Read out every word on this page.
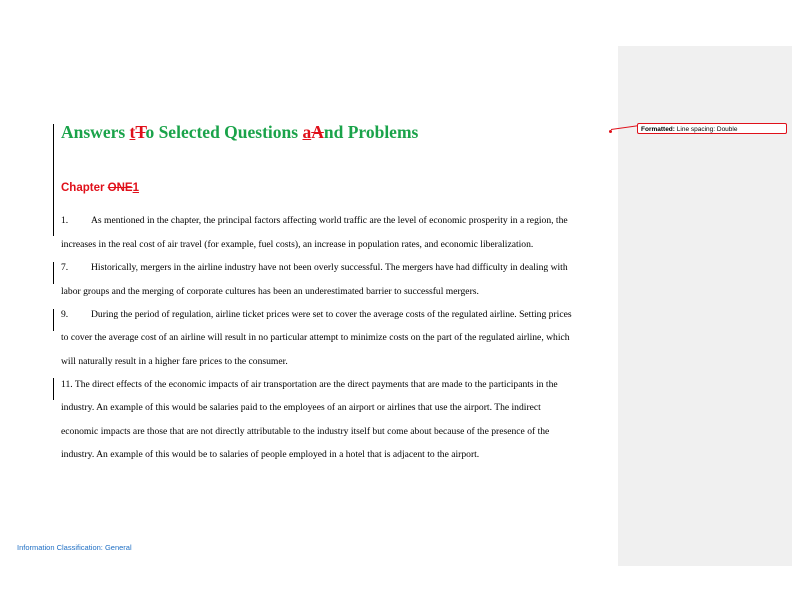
Answers tTo Selected Questions aAnd Problems
Chapter ONE1
1. As mentioned in the chapter, the principal factors affecting world traffic are the level of economic prosperity in a region, the
increases in the real cost of air travel (for example, fuel costs), an increase in population rates, and economic liberalization.
7. Historically, mergers in the airline industry have not been overly successful. The mergers have had difficulty in dealing with
labor groups and the merging of corporate cultures has been an underestimated barrier to successful mergers.
9. During the period of regulation, airline ticket prices were set to cover the average costs of the regulated airline. Setting prices
to cover the average cost of an airline will result in no particular attempt to minimize costs on the part of the regulated airline, which
will naturally result in a higher fare prices to the consumer.
11. The direct effects of the economic impacts of air transportation are the direct payments that are made to the participants in the
industry. An example of this would be salaries paid to the employees of an airport or airlines that use the airport. The indirect
economic impacts are those that are not directly attributable to the industry itself but come about because of the presence of the
industry. An example of this would be to salaries of people employed in a hotel that is adjacent to the airport.
Information Classification: General
Formatted: Line spacing: Double
